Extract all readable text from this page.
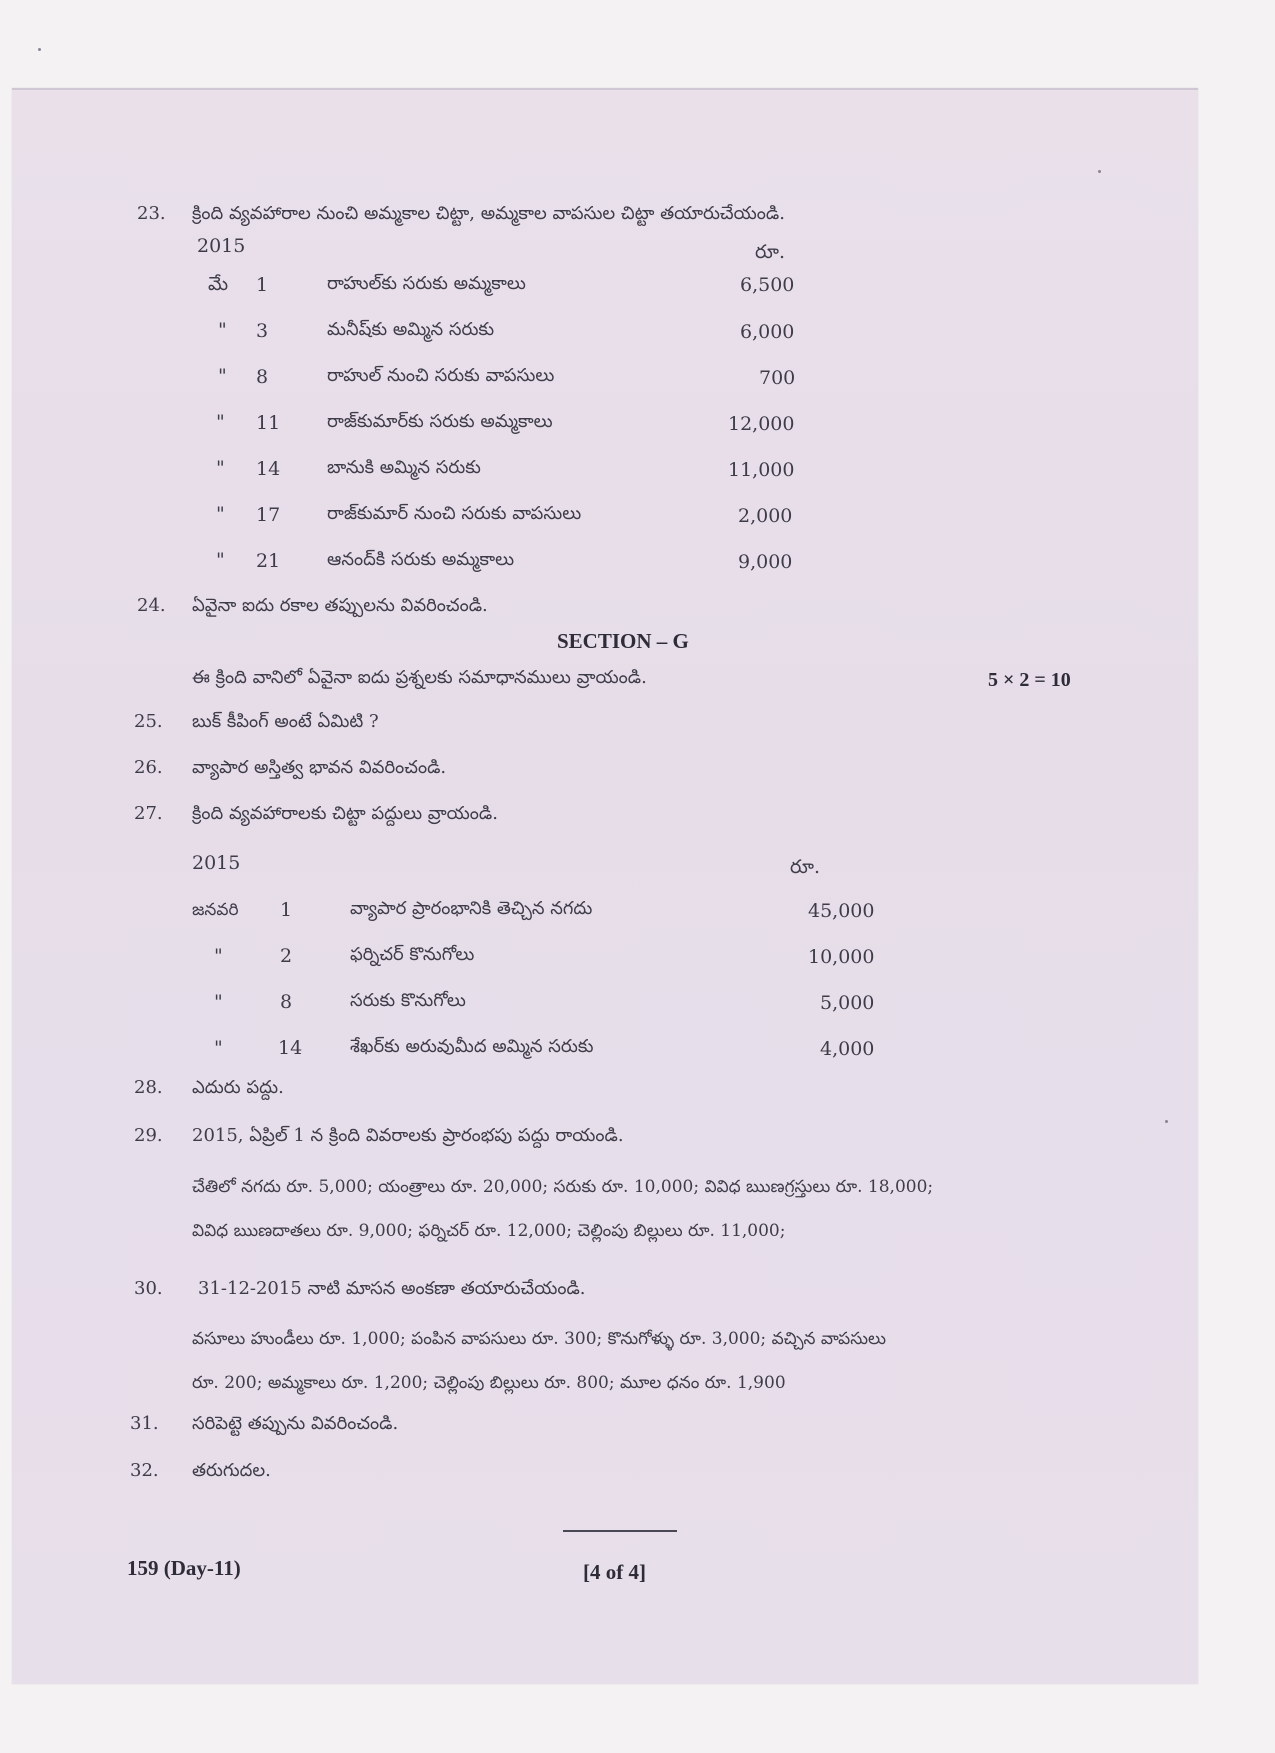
23. క్రింది వ్యవహారాల నుంచి అమ్మకాల చిట్టా, అమ్మకాల వాపసుల చిట్టా తయారుచేయండి.
2015	రూ.
మే 1	రాహుల్‌కు సరుకు అమ్మకాలు	6,500
" 3	మనీష్‌కు అమ్మిన సరుకు	6,000
" 8	రాహుల్ నుంచి సరుకు వాపసులు	700
" 11	రాజ్‌కుమార్‌కు సరుకు అమ్మకాలు	12,000
" 14	బానుకి అమ్మిన సరుకు	11,000
" 17	రాజ్‌కుమార్ నుంచి సరుకు వాపసులు	2,000
" 21	ఆనంద్‌కి సరుకు అమ్మకాలు	9,000
24. ఏవైనా ఐదు రకాల తప్పులను వివరించండి.
SECTION – G
ఈ క్రింది వానిలో ఏవైనా ఐదు ప్రశ్నలకు సమాధానములు వ్రాయండి.	5 × 2 = 10
25. బుక్ కీపింగ్ అంటే ఏమిటి ?
26. వ్యాపార అస్తిత్వ భావన వివరించండి.
27. క్రింది వ్యవహారాలకు చిట్టా పద్దులు వ్రాయండి.
2015	రూ.
జనవరి 1	వ్యాపార ప్రారంభానికి తెచ్చిన నగదు	45,000
"	2	ఫర్నిచర్ కొనుగోలు	10,000
"	8	సరుకు కొనుగోలు	5,000
"	14	శేఖర్‌కు అరువుమీద అమ్మిన సరుకు	4,000
28. ఎదురు పద్దు.
29. 2015, ఏప్రిల్ 1 న క్రింది వివరాలకు ప్రారంభపు పద్దు రాయండి.
చేతిలో నగదు రూ. 5,000; యంత్రాలు రూ. 20,000; సరుకు రూ. 10,000; వివిధ ఋణగ్రస్తులు రూ. 18,000;
వివిధ ఋణదాతలు రూ. 9,000; ఫర్నిచర్ రూ. 12,000; చెల్లింపు బిల్లులు రూ. 11,000;
30. 31-12-2015 నాటి మాసన అంకణా తయారుచేయండి.
వసూలు హుండీలు రూ. 1,000; పంపిన వాపసులు రూ. 300; కొనుగోళ్ళు రూ. 3,000; వచ్చిన వాపసులు
రూ. 200; అమ్మకాలు రూ. 1,200; చెల్లింపు బిల్లులు రూ. 800; మూల ధనం రూ. 1,900
31. సరిపెట్టె తప్పును వివరించండి.
32. తరుగుదల.
159 (Day-11)	[4 of 4]
